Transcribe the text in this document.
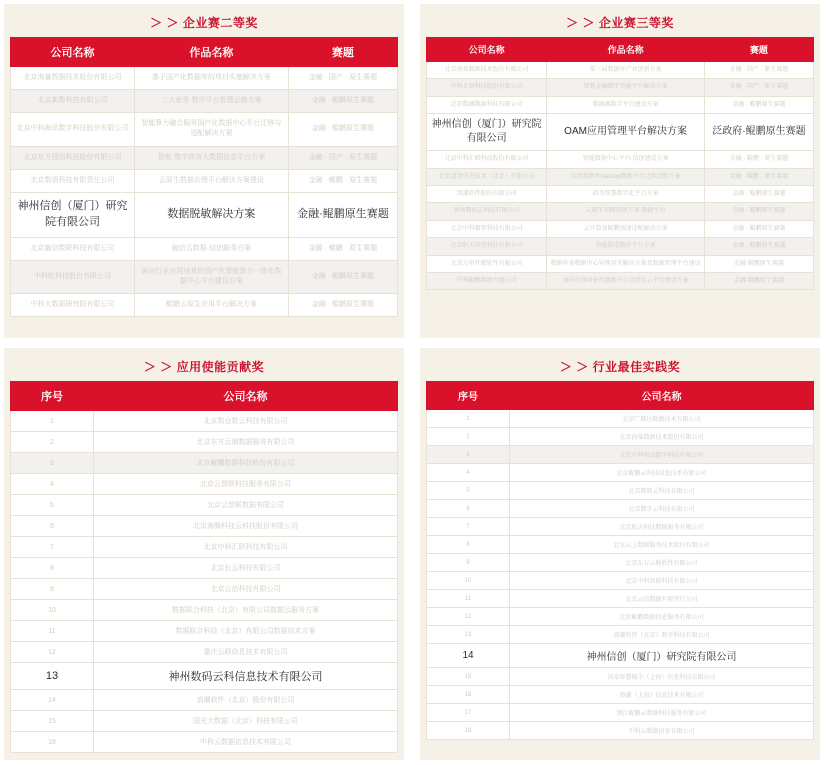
＞ ＞ 企业赛二等奖
公司名称	作品名称	赛题
北京海量数据技术股份有限公司	基于国产化数据库的项目实施解决方案	金融 · 国产 · 原生赛题
北京新数科技有限公司	三大业务·数字平台智慧运维方案	金融 · 鲲鹏原生赛题
北京中科海讯数字科技股份有限公司	智能算力融合服务国产化数据中心平台迁移与适配解决方案	金融 · 鲲鹏原生赛题
北京东方国信科技股份有限公司	智能·数字政务大数据信息平台方案	金融 · 国产 · 原生赛题
北京数语科技有限责任公司	云原生数据治理平台解决方案建设	金融 · 鲲鹏 · 原生赛题
神州信创（厦门）研究院有限公司	数据脱敏解决方案	金融·鲲鹏原生赛题
北京融信数联科技有限公司	融信云数据·信创服务方案	金融 · 鲲鹏 · 原生赛题
中科软科技股份有限公司	面向行业应用场景的国产化智能算力一体化数据中心平台建设方案	金融 · 鲲鹏原生赛题
中科大数据研究院有限公司	鲲鹏云原生应用平台解决方案	金融 · 鲲鹏原生赛题
＞ ＞ 企业赛三等奖
公司名称	作品名称	赛题
北京海量数据技术股份有限公司	第三届数据库产业创新方案	金融 · 国产 · 原生赛题
中科金财科技股份有限公司	智慧金融数字智能平台解决方案	金融 · 国产 · 原生赛题
北京数澜数据科技有限公司	数据湖数字平台建设方案	金融 · 鲲鹏原生赛题
神州信创（厦门）研究院有限公司	OAM应用管理平台解决方案	泛政府·鲲鹏原生赛题
北京中科汇联科技股份有限公司	智能数据中心平台·信创建设方案	金融 · 鲲鹏 · 原生赛题
北京道普信息技术（北京）有限公司	信创数据库hadoop数据中台迁移适配方案	金融 · 鲲鹏 · 原生赛题
浪潮软件股份有限公司	政务智慧数字化平台方案	金融 · 鲲鹏原生赛题
神州数码云科技有限公司	云原生存储信创方案·数据平台	金融 · 鲲鹏原生赛题
北京中科聚智科技有限公司	云计算及鲲鹏加速适配解决方案	金融 · 鲲鹏原生赛题
北京航天智造科技有限公司	智能制造数字平台方案	金融 · 鲲鹏原生赛题
北京万里开源软件有限公司	数据库多数据中心异地容灾解决方案及数据管理平台建设	金融·鲲鹏原生赛题
中科鲲鹏数据有限公司	面向行业场景的数据中心信创化云平台建设方案	金融·鲲鹏原生赛题
＞ ＞ 应用使能贡献奖
序号	公司名称
1	北京数仓数云科技有限公司
2	北京东方云鼎数据服务有限公司
3	北京鲲鹏数据科技股份有限公司
4	北京云智联科技服务有限公司
5	北京云智联数据有限公司
6	北京海腾科技云科技股份有限公司
7	北京中科汇联科技有限公司
8	北京长云科技有限公司
9	北京云信科技有限公司
10	数据联合科技（北京）有限公司数据云服务方案
11	数据联合科技（北京）有限公司数据技术方案
12	重庆云联信息技术有限公司
13	神州数码云科信息技术有限公司
14	浪潮软件（北京）股份有限公司
15	国光大数据（北京）科技有限公司
16	中科云数据信息技术有限公司
＞ ＞ 行业最佳实践奖
序号	公司名称
1	北京广联达数据技术有限公司
2	北京海量数据技术股份有限公司
3	北京中科海讯数字科技有限公司
4	北京鲲鹏云科技信息技术有限公司
5	北京数联云科技有限公司
6	北京数字云科技有限公司
7	北京航天科技数据服务有限公司
8	北京云上数据服务技术股份有限公司
9	北京东方云联软件有限公司
10	北京中科智联科技有限公司
11	北京云信数据有限责任公司
12	北京鲲鹏数据信息服务有限公司
13	浪潮软件（北京）数字科技有限公司
14	神州信创（厦门）研究院有限公司
15	国泰智慧城市（上海）信息科技有限公司
16	浪潮（上海）信息技术有限公司
17	浙江鲲鹏云数据科技服务有限公司
18	中科云数据信息有限公司
